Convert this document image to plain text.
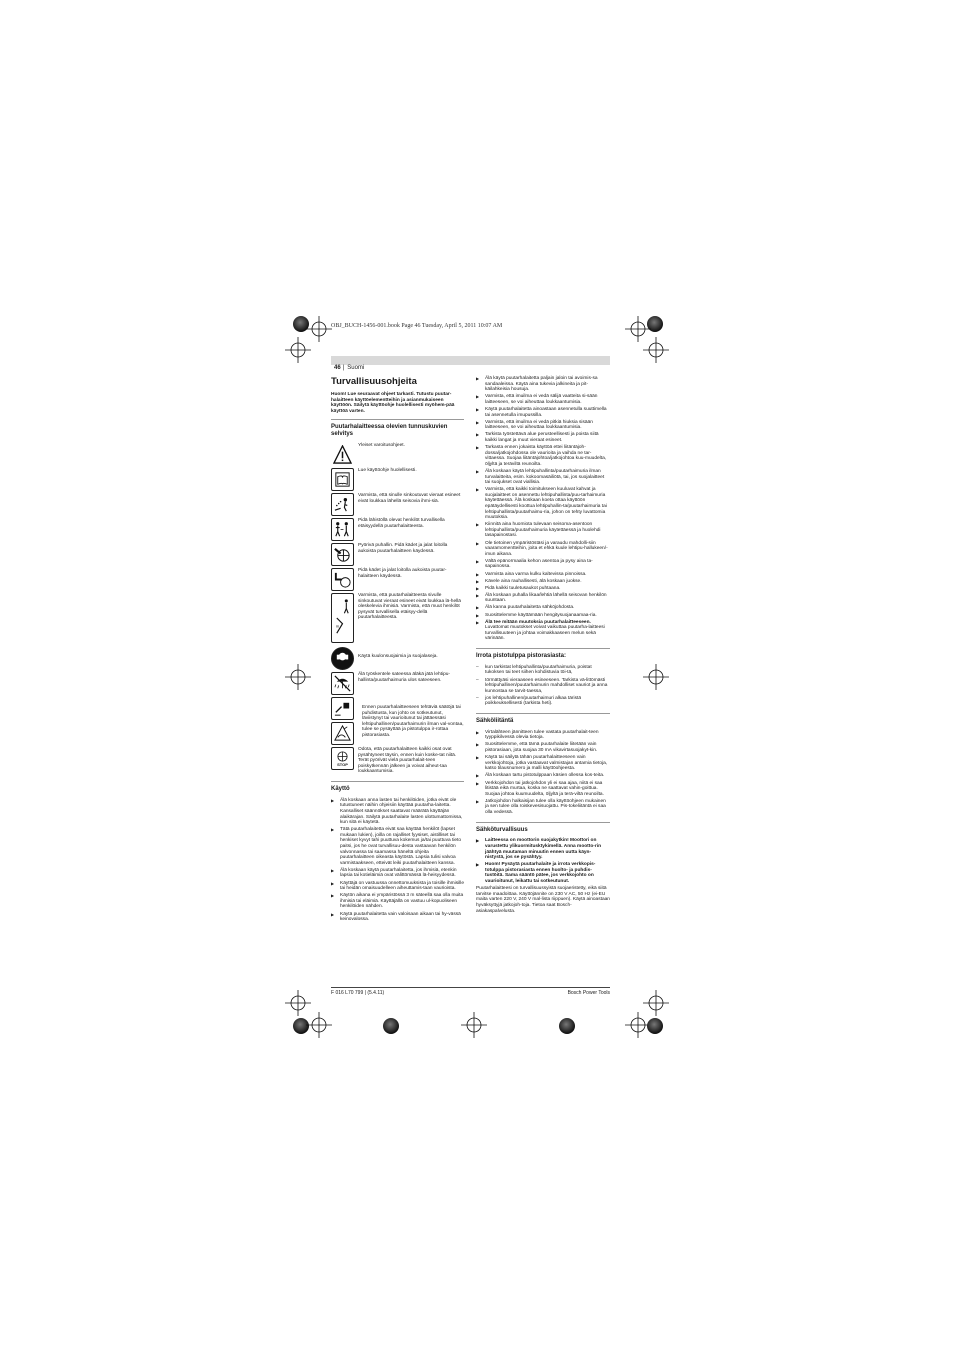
OBJ_BUCH-1456-001.book Page 46 Tuesday, April 5, 2011 10:07 AM
46 | Suomi
Turvallisuusohjeita
Huom! Lue seuraavat ohjeet tarkasti. Tutustu puutar-halaitteen käyttöelementteihin ja asianmukaiseen käyttöön. Säilytä käyttöohje huolellisesti myöhem-pää käyttöä varten.
Puutarhalaitteessa olevien tunnuskuvien selvitys
Yleiset varoitusohjeet.
Lue käyttöohje huolellisesti.
Varmista, että sinulle sinkoutuvat vieraat esineet eivät loukkaa lähellä seisovia ihmi-siä.
Pidä lähistöllä olevat henkilöt turvallisella etäisyydellä puutarhalaitteesta.
Pyörivä puhallin. Pidä kädet ja jalat loitolla aukoista puutarhalaitteen käydessä.
Pidä kädet ja jalat loitolla aukoista puutar-halaitteen käydessä.
m
Varmista, että puutarhalaitteesta sivulle sinkoutuvat vieraat esineet eivät loukkaa lä-hellä oleskelevia ihmisiä. Varmista, että muut henkilöt pysyvät turvallisella etäisyy-dellä puutarhalaitteesta.
Käytä kuulonsuojaimia ja suojalaseja.
Älä työskentele sateessa äläkä jätä lehtipu-hallinta/puutarhaimuria ulos sateeseen.
Ennen puutarhalaitteeseen tehtäviä säätöjä tai puhdistusta, kun johto on sotkeutunut, läviistynyt tai vaurioitunut tai jättäessäsi lehtipuhallinen/puutarhaimurin ilman val-vontaa, tulee se pysäyttää ja pistotulppa ir-rottaa pistorasiasta.
STOP
Odota, että puutarhalaitteen kaikki osat ovat pysähtyneet täysin, ennen kuin koske-tat niitä. Terät pyörivät vielä puutarhalait-teen poiskytkennän jälkeen ja voivat aiheut-taa loukkaantumisia.
Käyttö
▶ Älä koskaan anna lasten tai henkilöiden, jotka eivät ole tutustuneet näihin ohjeisiin käyttää puutarha-laitetta. Kansalliset säännökset saattavat määrätä käyttäjän alaikärajan. Säilytä puutarhalaite lasten ulottumattomissa, kun sitä ei käytetä.
▶ Tätä puutarhalaitetta eivät saa käyttää henkilöt (lapset mukaan lukien), joilla on rajalliset fyysiset, aistilliset tai henkiset kyvyt tahi puuttuva kokemus ja/tai puuttuva tieto paitsi, jos he ovat turvallisuu-desta vastaavan henkilön valvonnassa tai saamassa häneltä ohjeita puutarhalaitteen oikeasta käytöstä. Lapsia tulisi valvoa varmistaakseen, etteivät leiki puutarhalaitteen kanssa.
▶ Älä koskaan käytä puutarhalaitetta, jos ihmisiä, etenkin lapsia tai kotieläimiä ovat välittömässä lä-heisyydessä.
▶ Käyttäjä on vastuussa onnettomuuksista ja toisille ihmisille tai heidän omaisuudelleen aiheuttamis-taan vaurioista.
▶ Käytön aikana ei ympäristössä 3 m säteellä saa olla muita ihmisiä tai eläimiä. Käyttäjällä on vastuu ul-kopuoliseen henkilöiden nähden.
▶ Käytä puutarhalaitetta vain valoisaan aikaan tai hy-vässä keinovalossa.
▶ Älä käytä puutarhalaitetta paljain jaloin tai avoimis-sa sandaaleissa. Käytä aina tukevia jalkineita ja pit-käilahkeisia housuja.
▶ Varmista, että imuilma ei vedä sälijä vaatteita si-sään laitteeseen, se voi aiheuttaa loukkaantumisia.
▶ Käytä puutarhalaitetta ainoastaan asennetulla suuttimella tai asennetulla imupussilla.
▶ Varmista, että imuilma ei vedä pitkiä hiuksia sisään laitteeseen, se voi aiheuttaa loukkaantumisia.
▶ Tarkista työstettävä alue perusteellisesti ja poista siitä kaikki langat ja muut vieraat esineet.
▶ Tarkasta ennen jokaista käyttöä ettei liitäntäjoh-dossa/jatkojohdossa ole vaurioita ja vaihda ne tar-vittaessa. Suojaa liitäntäjohtoa/jatkojohtoa kuu-muudelta, öljyltä ja teräviltä reunoilta.
▶ Älä koskaan käytä lehtipuhallinta/puutarhaimuria ilman turvalaitteita, esim. kokoomasäiliötä, tai, jos suojalaitteet tai suojukset ovat viallisia.
▶ Varmista, että kaikki toimitukseen kuuluvat kahvat ja suojalaitteet on asennettu lehtipuhallinta/puu-tarhaimuria käytettäessä. Älä koskaan koeta ottaa käyttöön epätäydellisesti koottua lehtipuhallin-ta/puutarhaimuria tai lehtipuhallinta/puutarhaimu-ria, johon on tehty luvattomia muutoksia.
▶ Kiinnitä aina huomiota tulevaan seisoma-asentoon lehtipuhallinta/puutarhaimuria käytettäessä ja huolehdi tasapainostasi.
▶ Ole tietoinen ympäristöstäsi ja varaudu mahdolli-siin vaaramomentteihin, joita et ehkä kuule lehtipu-hallukeen/-imun aikana.
▶ Vältä epänormaalia kehon asentoa ja pysy aina ta-sapainossa.
▶ Varmista aina varma kulku kaltevissa pinnoissa.
▶ Kävele aina rauhallisesti, älä koskaan juokse.
▶ Pidä kaikki tuuletusaukot puhtaana.
▶ Älä koskaan puhalla likaa/lehtiä lähellä seisovan henkilön suuntaan.
▶ Älä kanna puutarhalaitetta sähköjohdosta.
▶ Suosittelemme käyttämään hengitysuojanaamaa-ria.
▶ Älä tee mitään muutoksia puutarhalaitteeseen.
Luvattomat muutokset voivat vaikuttaa puutarha-laitteesi turvallisuuteen ja johtaa voimakkaaseen melun sekä värinään.
Irrota pistotulppa pistorasiasta:
– kun tarkistat lehtipuhallinta/puutarhaimuria, poistat tukoksen tai teet siihen kohdistuvia töi-tä,
– törmättyäsi vieraaseen esineeseen. Tarkista vä-littömästi lehtipuhallinen/puutarhaimurin mahdolliset vauriot ja anna kunnostaa se tarvit-taessa,
– jos lehtipuhallinen/puutarhaimuri alkaa täristä poikkeuksellisesti (tarkista heti).
Sähköliitäntä
▶ Virtalähteen jännitteen tulee vastata puutarhalait-teen tyyppikilvessä olevia tietoja.
▶ Suosittelemme, että tämä puutarhalaite liitetään vain pistorasiaan, jota suojaa 30 mA vikavirtasuojakyt-kin.
▶ Käytä tai säilytä tähän puutarhalaitteeseen vain verkkojohtoja, jotka vastaavat valmistajan antamia tietoja, katso tilausnumero ja malli käyttöohjeesta.
▶ Älä koskaan tartu pistotulppaan käsien ollessa kos-teita.
▶ Verkkojohdon tai jatkojohdon yli ei saa ajaa, niitä ei saa litistää eikä murtaa, koska ne saattavat vahin-goittua. Suojaa johtoa kuumuudelta, öljyltä ja terä-viltä reunoilta.
▶ Jatkojohdon halkaisijan tulee olla käyttöohjeen mukainen ja sen tulee olla roiskevesisuojattu. Pis-tokeliitäntä ei saa olla vedessä.
Sähköturvallisuus
▶ Laitteessa on moottorin suojakytkin! Moottori on varustettu ylikuormitusktykimellä. Anna mootto-rin jäähtyä muutaman minuutin ennen uutta käyn-nistystä, jos se pysähtyy.
▶ Huom! Pysäytä puutarhalaite ja irrota verkkopis-totulppa pistorasiasta ennen huolto- ja puhdis-tustöitä. Sama sääntö pätee, jos verkkojohto on vaurioitunut, leikattu tai sotkeutunut.
Puutarhalaitteesi on turvallisuussyistä suojaeristetty, eikä siitä tarvitse maadoittaa. Käyttöjännite on 230 V AC, 50 Hz (ei-EU maita varten 220 V, 240 V mal-lista riippuen). Käytä ainoastaan hyväksyttyjä jatkojoh-toja. Tietoa saat Bosch-asiakaspalvelusta.
F 016 L70 799 | (5.4.11)	Bosch Power Tools
